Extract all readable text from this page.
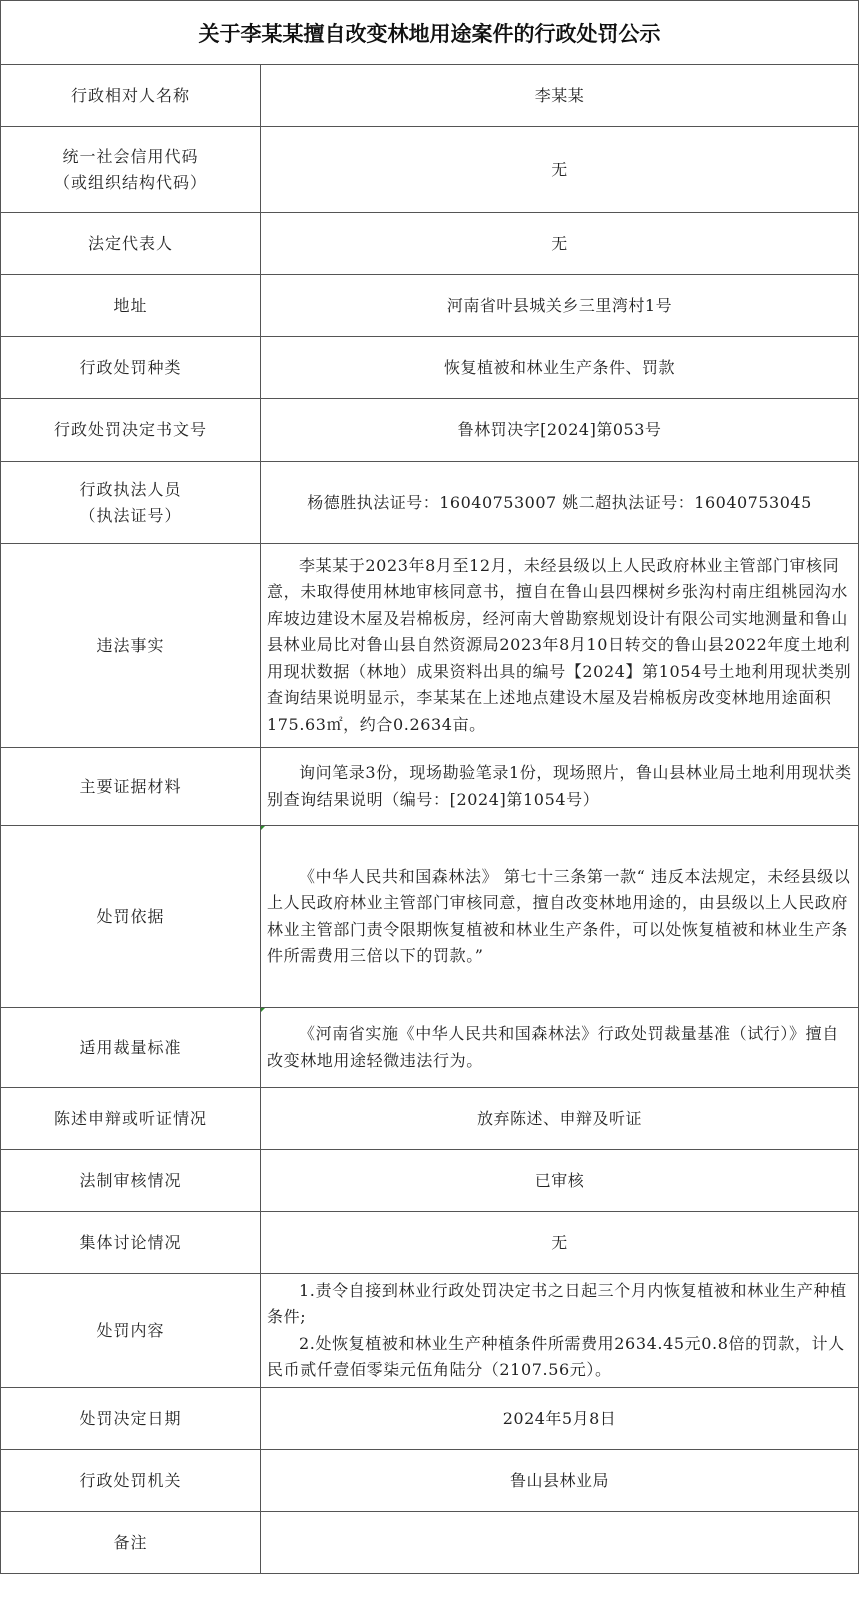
关于李某某擅自改变林地用途案件的行政处罚公示
行政相对人名称	李某某

统一社会信用代码
（或组织结构代码）	无
法定代表人	无
地址	河南省叶县城关乡三里湾村1号
行政处罚种类	恢复植被和林业生产条件、罚款
行政处罚决定书文号	鲁林罚决字[2024]第053号

行政执法人员
（执法证号）	杨德胜执法证号：16040753007 姚二超执法证号：16040753045
违法事实	李某某于2023年8月至12月，未经县级以上人民政府林业主管部门审核同意，未取得使用林地审核同意书，擅自在鲁山县四棵树乡张沟村南庄组桃园沟水库坡边建设木屋及岩棉板房，经河南大曾勘察规划设计有限公司实地测量和鲁山县林业局比对鲁山县自然资源局2023年8月10日转交的鲁山县2022年度土地利用现状数据（林地）成果资料出具的编号【2024】第1054号土地利用现状类别查询结果说明显示，李某某在上述地点建设木屋及岩棉板房改变林地用途面积175.63㎡，约合0.2634亩。

主要证据材料	询问笔录3份，现场勘验笔录1份，现场照片，鲁山县林业局土地利用现状类别查询结果说明（编号：[2024]第1054号）

处罚依据	《中华人民共和国森林法》 第七十三条第一款“ 违反本法规定，未经县级以上人民政府林业主管部门审核同意，擅自改变林地用途的，由县级以上人民政府林业主管部门责令限期恢复植被和林业生产条件，可以处恢复植被和林业生产条件所需费用三倍以下的罚款。”

适用裁量标准	《河南省实施《中华人民共和国森林法》行政处罚裁量基准（试行）》擅自改变林地用途轻微违法行为。

陈述申辩或听证情况	放弃陈述、申辩及听证
法制审核情况	已审核
集体讨论情况	无
处罚内容	1.责令自接到林业行政处罚决定书之日起三个月内恢复植被和林业生产种植条件;

2.处恢复植被和林业生产种植条件所需费用2634.45元0.8倍的罚款，计人民币贰仟壹佰零柒元伍角陆分（2107.56元）。

处罚决定日期	2024年5月8日
行政处罚机关	鲁山县林业局
备注	
